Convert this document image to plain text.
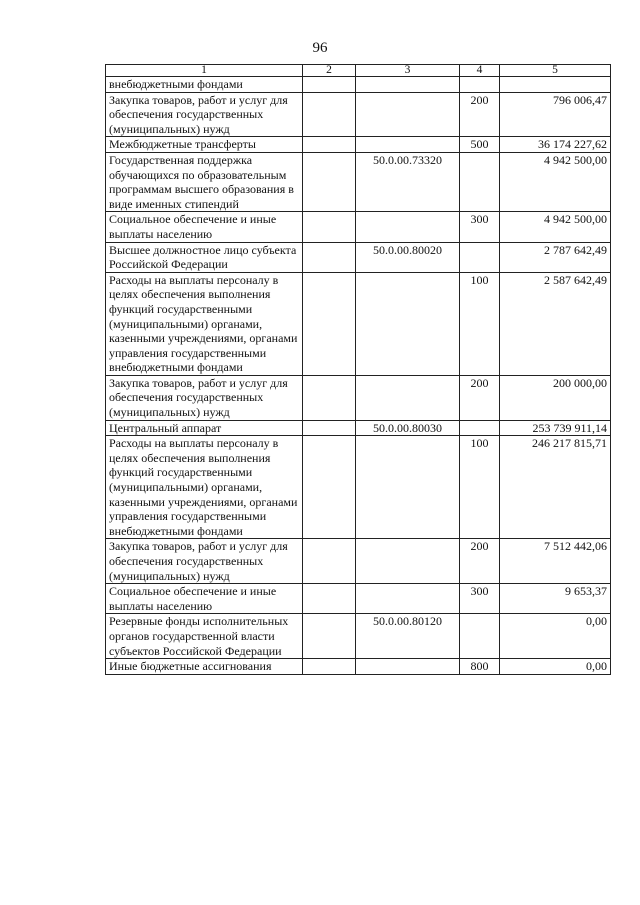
96
1	2	3	4	5
внебюджетными фондами				
Закупка товаров, работ и услуг для обеспечения государственных (муниципальных) нужд			200	796 006,47
Межбюджетные трансферты			500	36 174 227,62
Государственная поддержка обучающихся по образовательным программам высшего образования в виде именных стипендий		50.0.00.73320		4 942 500,00
Социальное обеспечение и иные выплаты населению			300	4 942 500,00
Высшее должностное лицо субъекта Российской Федерации		50.0.00.80020		2 787 642,49
Расходы на выплаты персоналу в целях обеспечения выполнения функций государственными (муниципальными) органами, казенными учреждениями, органами управления государственными внебюджетными фондами			100	2 587 642,49
Закупка товаров, работ и услуг для обеспечения государственных (муниципальных) нужд			200	200 000,00
Центральный аппарат		50.0.00.80030		253 739 911,14
Расходы на выплаты персоналу в целях обеспечения выполнения функций государственными (муниципальными) органами, казенными учреждениями, органами управления государственными внебюджетными фондами			100	246 217 815,71
Закупка товаров, работ и услуг для обеспечения государственных (муниципальных) нужд			200	7 512 442,06
Социальное обеспечение и иные выплаты населению			300	9 653,37
Резервные фонды исполнительных органов государственной власти субъектов Российской Федерации		50.0.00.80120		0,00
Иные бюджетные ассигнования			800	0,00
